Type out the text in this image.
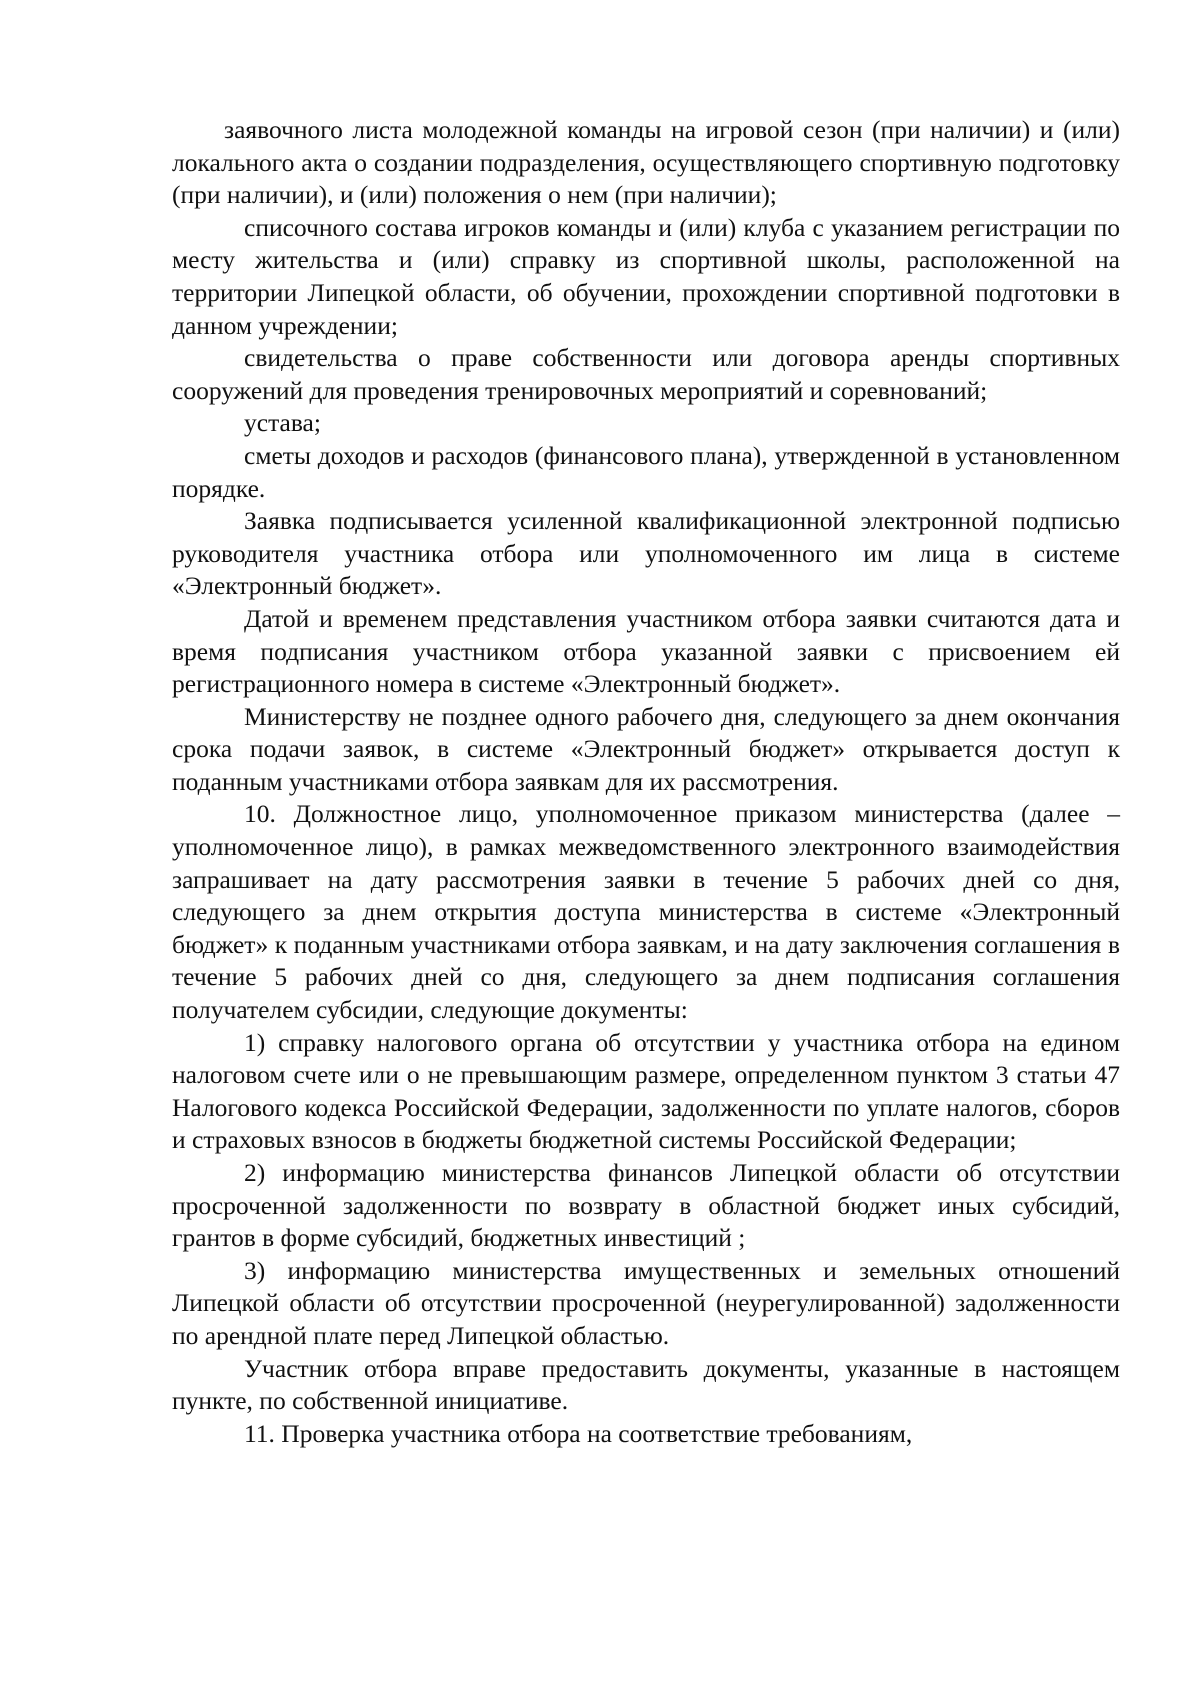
заявочного листа молодежной команды на игровой сезон (при наличии) и (или) локального акта о создании подразделения, осуществляющего спортивную подготовку (при наличии), и (или) положения о нем (при наличии);

списочного состава игроков команды и (или) клуба с указанием регистрации по месту жительства и (или) справку из спортивной школы, расположенной на территории Липецкой области, об обучении, прохождении спортивной подготовки в данном учреждении;

свидетельства о праве собственности или договора аренды спортивных сооружений для проведения тренировочных мероприятий и соревнований;

устава;

сметы доходов и расходов (финансового плана), утвержденной в установленном порядке.

Заявка подписывается усиленной квалификационной электронной подписью руководителя участника отбора или уполномоченного им лица в системе «Электронный бюджет».

Датой и временем представления участником отбора заявки считаются дата и время подписания участником отбора указанной заявки с присвоением ей регистрационного номера в системе «Электронный бюджет».

Министерству не позднее одного рабочего дня, следующего за днем окончания срока подачи заявок, в системе «Электронный бюджет» открывается доступ к поданным участниками отбора заявкам для их рассмотрения.

10. Должностное лицо, уполномоченное приказом министерства (далее – уполномоченное лицо), в рамках межведомственного электронного взаимодействия запрашивает на дату рассмотрения заявки в течение 5 рабочих дней со дня, следующего за днем открытия доступа министерства в системе «Электронный бюджет» к поданным участниками отбора заявкам, и на дату заключения соглашения в течение 5 рабочих дней со дня, следующего за днем подписания соглашения получателем субсидии, следующие документы:

1) справку налогового органа об отсутствии у участника отбора на едином налоговом счете или о не превышающим размере, определенном пунктом 3 статьи 47 Налогового кодекса Российской Федерации, задолженности по уплате налогов, сборов и страховых взносов в бюджеты бюджетной системы Российской Федерации;

2) информацию министерства финансов Липецкой области об отсутствии просроченной задолженности по возврату в областной бюджет иных субсидий, грантов в форме субсидий, бюджетных инвестиций ;

3) информацию министерства имущественных и земельных отношений Липецкой области об отсутствии просроченной (неурегулированной) задолженности по арендной плате перед Липецкой областью.

Участник отбора вправе предоставить документы, указанные в настоящем пункте, по собственной инициативе.

11. Проверка участника отбора на соответствие требованиям,
